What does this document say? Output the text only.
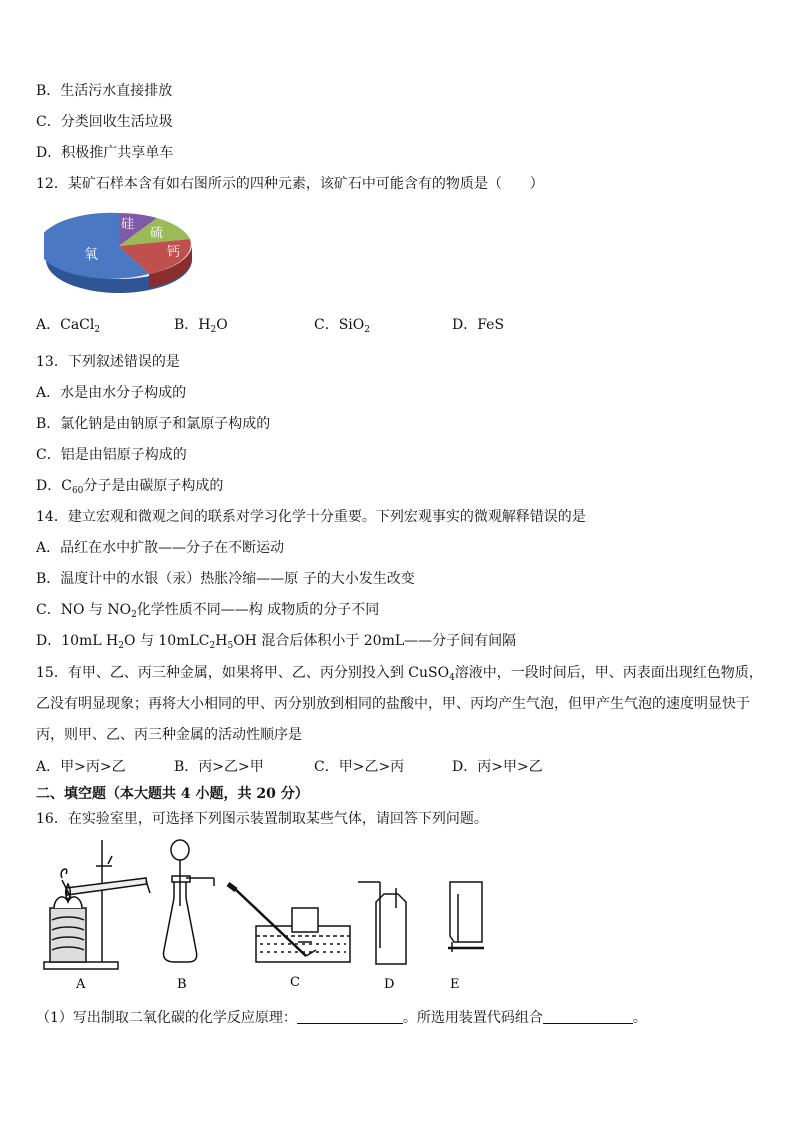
B．生活污水直接排放
C．分类回收生活垃圾
D．积极推广共享单车
12．某矿石样本含有如右图所示的四种元素，该矿石中可能含有的物质是（　　）
硅
硫
钙
氧
A．CaCl$_2$	B．$H_2O$	C．SiO$_2$	D．FeS
13．下列叙述错误的是
A．水是由水分子构成的
B．氯化钠是由钠原子和氯原子构成的
C．铝是由铝原子构成的
D．$C_{60}$分子是由碳原子构成的
14．建立宏观和微观之间的联系对学习化学十分重要。下列宏观事实的微观解释错误的是
A．品红在水中扩散——分子在不断运动
B．温度计中的水银（汞）热胀冷缩——原 子的大小发生改变
C．NO 与 $NO_2$化学性质不同——构 成物质的分子不同
D．10mL $H_2O$ 与 $10mLC_2H_5OH$ 混合后体积小于 20mL——分子间有间隔
15．有甲、乙、丙三种金属，如果将甲、乙、丙分别投入到 CuSO$_4$溶液中，一段时间后，甲、丙表面出现红色物质，
乙没有明显现象；再将大小相同的甲、丙分别放到相同的盐酸中，甲、丙均产生气泡，但甲产生气泡的速度明显快于
丙，则甲、乙、丙三种金属的活动性顺序是
A．甲>丙>乙	B．丙>乙>甲	C．甲>乙>丙	D．丙>甲>乙
二、填空题（本大题共 4 小题，共 20 分）
16．在实验室里，可选择下列图示装置制取某些气体，请回答下列问题。
A	B	C	D	E
（1）写出制取二氧化碳的化学反应原理：	。所选用装置代码组合	。
